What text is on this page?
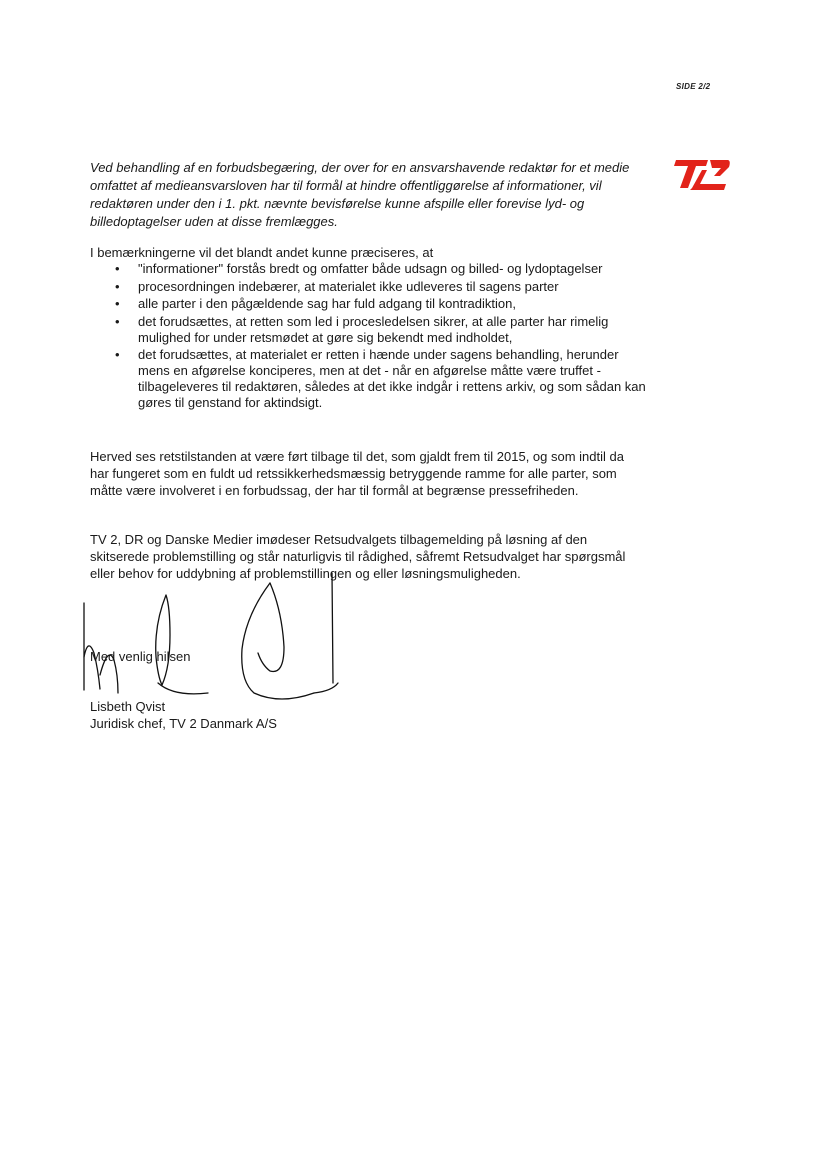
SIDE 2/2

Ved behandling af en forbudsbegæring, der over for en ansvarshavende redaktør for et medie omfattet af medieansvarsloven har til formål at hindre offentliggørelse af informationer, vil redaktøren under den i 1. pkt. nævnte bevisførelse kunne afspille eller forevise lyd- og billedoptagelser uden at disse fremlægges.

I bemærkningerne vil det blandt andet kunne præciseres, at

• "informationer" forstås bredt og omfatter både udsagn og billed- og lydoptagelser
• procesordningen indebærer, at materialet ikke udleveres til sagens parter
• alle parter i den pågældende sag har fuld adgang til kontradiktion,
• det forudsættes, at retten som led i procesledelsen sikrer, at alle parter har rimelig mulighed for under retsmødet at gøre sig bekendt med indholdet,
• det forudsættes, at materialet er retten i hænde under sagens behandling, herunder mens en afgørelse konciperes, men at det - når en afgørelse måtte være truffet - tilbageleveres til redaktøren, således at det ikke indgår i rettens arkiv, og som sådan kan gøres til genstand for aktindsigt.

Herved ses retstilstanden at være ført tilbage til det, som gjaldt frem til 2015, og som indtil da har fungeret som en fuldt ud retssikkerhedsmæssig betryggende ramme for alle parter, som måtte være involveret i en forbudssag, der har til formål at begrænse pressefriheden.

TV 2, DR og Danske Medier imødeser Retsudvalgets tilbagemelding på løsning af den skitserede problemstilling og står naturligvis til rådighed, såfremt Retsudvalget har spørgsmål eller behov for uddybning af problemstillingen og eller løsningsmuligheden.

Med venlig hilsen

Lisbeth Qvist
Juridisk chef, TV 2 Danmark A/S
